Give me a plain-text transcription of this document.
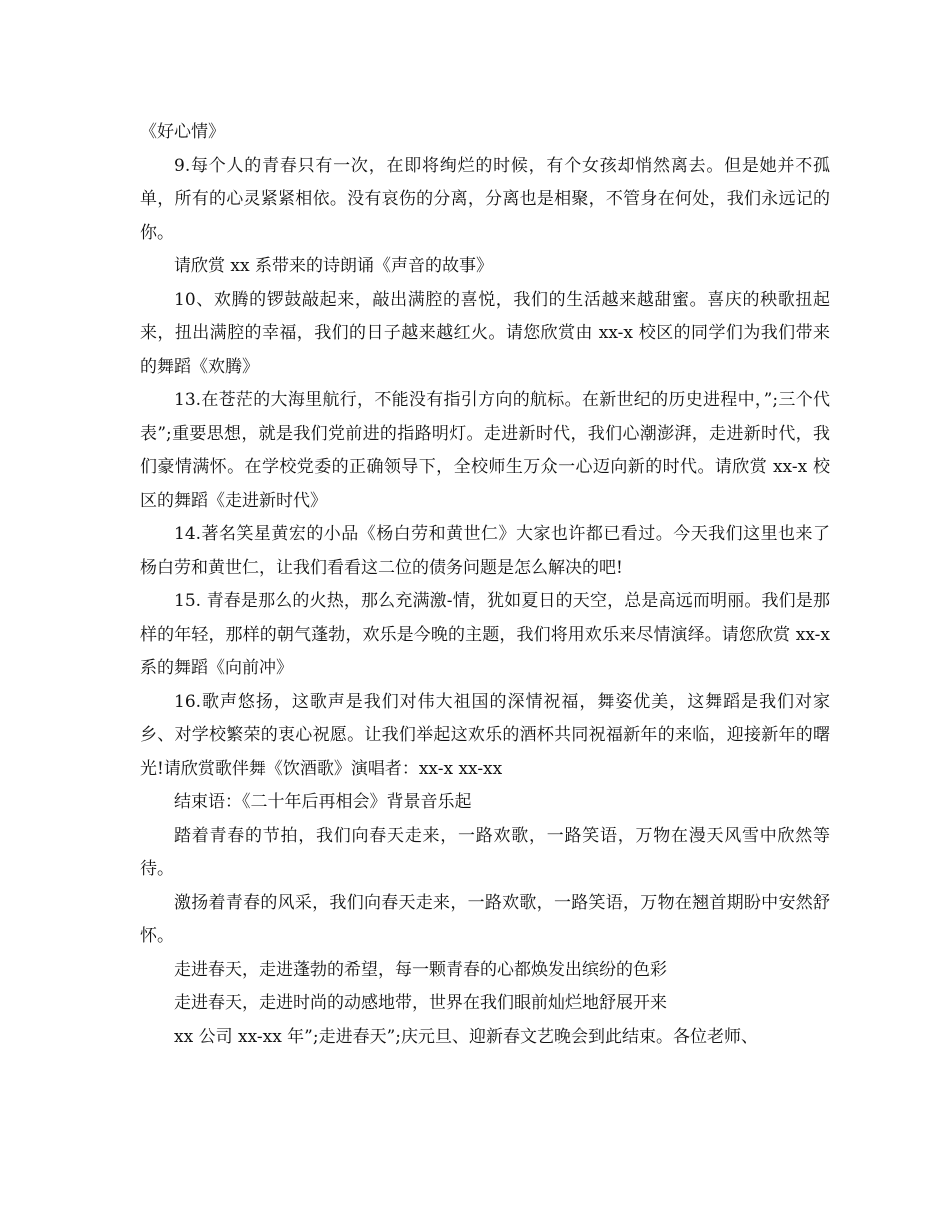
《好心情》

9.每个人的青春只有一次，在即将绚烂的时候，有个女孩却悄然离去。但是她并不孤单，所有的心灵紧紧相依。没有哀伤的分离，分离也是相聚，不管身在何处，我们永远记的你。

请欣赏 xx 系带来的诗朗诵《声音的故事》

10、欢腾的锣鼓敲起来，敲出满腔的喜悦，我们的生活越来越甜蜜。喜庆的秧歌扭起来，扭出满腔的幸福，我们的日子越来越红火。请您欣赏由 xx-x 校区的同学们为我们带来的舞蹈《欢腾》

13.在苍茫的大海里航行，不能没有指引方向的航标。在新世纪的历史进程中，”;三个代表”;重要思想，就是我们党前进的指路明灯。走进新时代，我们心潮澎湃，走进新时代，我们豪情满怀。在学校党委的正确领导下，全校师生万众一心迈向新的时代。请欣赏 xx-x 校区的舞蹈《走进新时代》

14.著名笑星黄宏的小品《杨白劳和黄世仁》大家也许都已看过。今天我们这里也来了杨白劳和黄世仁，让我们看看这二位的债务问题是怎么解决的吧!

15. 青春是那么的火热，那么充满激-情，犹如夏日的天空，总是高远而明丽。我们是那样的年轻，那样的朝气蓬勃，欢乐是今晚的主题，我们将用欢乐来尽情演绎。请您欣赏 xx-x 系的舞蹈《向前冲》

16.歌声悠扬，这歌声是我们对伟大祖国的深情祝福，舞姿优美，这舞蹈是我们对家乡、对学校繁荣的衷心祝愿。让我们举起这欢乐的酒杯共同祝福新年的来临，迎接新年的曙光!请欣赏歌伴舞《饮酒歌》演唱者：xx-x xx-xx

结束语：《二十年后再相会》背景音乐起

踏着青春的节拍，我们向春天走来，一路欢歌，一路笑语，万物在漫天风雪中欣然等待。

激扬着青春的风采，我们向春天走来，一路欢歌，一路笑语，万物在翘首期盼中安然舒怀。

走进春天，走进蓬勃的希望，每一颗青春的心都焕发出缤纷的色彩

走进春天，走进时尚的动感地带，世界在我们眼前灿烂地舒展开来

xx 公司 xx-xx 年”;走进春天”;庆元旦、迎新春文艺晚会到此结束。各位老师、
